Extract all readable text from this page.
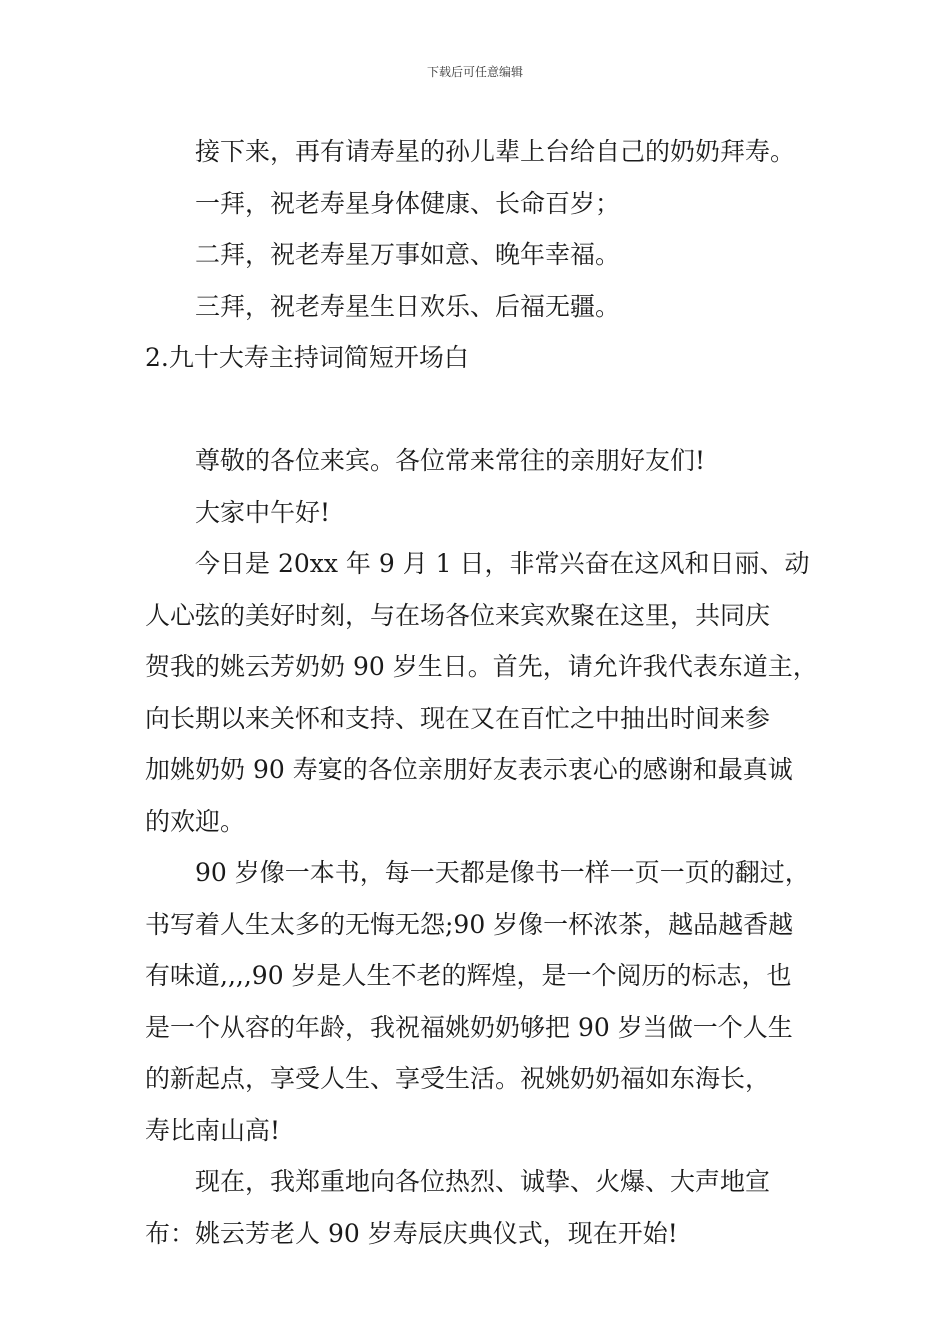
下载后可任意编辑

接下来，再有请寿星的孙儿辈上台给自己的奶奶拜寿。

一拜，祝老寿星身体健康、长命百岁；

二拜，祝老寿星万事如意、晚年幸福。

三拜，祝老寿星生日欢乐、后福无疆。

2.九十大寿主持词简短开场白

尊敬的各位来宾。各位常来常往的亲朋好友们!

大家中午好!

今日是 20xx 年 9 月 1 日，非常兴奋在这风和日丽、动

人心弦的美好时刻，与在场各位来宾欢聚在这里，共同庆

贺我的姚云芳奶奶 90 岁生日。首先，请允许我代表东道主，

向长期以来关怀和支持、现在又在百忙之中抽出时间来参

加姚奶奶 90 寿宴的各位亲朋好友表示衷心的感谢和最真诚

的欢迎。

90 岁像一本书，每一天都是像书一样一页一页的翻过，

书写着人生太多的无悔无怨;90 岁像一杯浓茶，越品越香越

有味道,,,,90 岁是人生不老的辉煌，是一个阅历的标志，也

是一个从容的年龄，我祝福姚奶奶够把 90 岁当做一个人生

的新起点，享受人生、享受生活。祝姚奶奶福如东海长，

寿比南山高!

现在，我郑重地向各位热烈、诚挚、火爆、大声地宣

布：姚云芳老人 90 岁寿辰庆典仪式，现在开始!
